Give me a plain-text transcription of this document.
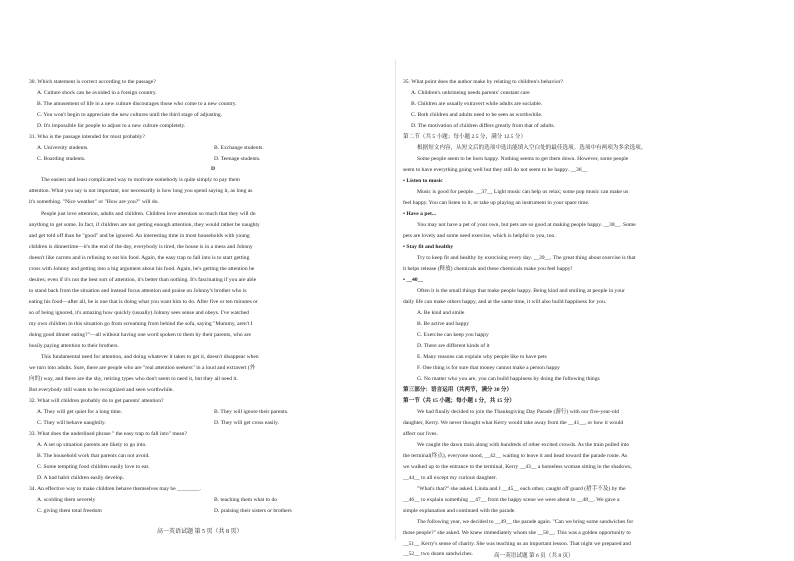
30. Which statement is correct according to the passage?
A. Culture shock can be avoided in a foreign country.
B. The amusement of life in a new culture discourages those who come to a new country.
C. You won't begin to appreciate the new cultures until the third stage of adjusting.
D. It's impossible for people to adjust to a new culture completely.
31. Who is the passage intended for most probably?
A. University students.	B. Exchange students.
C. Boarding students.	D. Teenage students.
D
The easiest and least complicated way to motivate somebody is quite simply to pay them
attention. What you say is not important, nor necessarily is how long you spend saying it, as long as
it's something. "Nice weather" or "How are you?" will do.
People just love attention, adults and children. Children love attention so much that they will do
anything to get some. In fact, if children are not getting enough attention, they would rather be naughty
and get told off than be "good" and be ignored. An interesting time in most households with young
children is dinnertime—it's the end of the day, everybody is tired, the house is in a mess and Johnny
doesn't like carrots and is refusing to eat his food. Again, the easy trap to fall into is to start getting
cross with Johnny and getting into a big argument about his food. Again, he's getting the attention he
desires; even if it's not the best sort of attention, it's better than nothing. It's fascinating if you are able
to stand back from the situation and instead focus attention and praise on Johnny's brother who is
eating his food—after all, he is one that is doing what you want him to do. After five or ten minutes or
so of being ignored, it's amazing how quickly (usually) Johnny sees sense and obeys. I've watched
my own children in this situation go from screaming from behind the sofa, saying "Mummy, aren't I
doing good dinner eating?"—all without having one word spoken to them by their parents, who are
busily paying attention to their brothers.
This fundamental need for attention, and doing whatever it takes to get it, doesn't disappear when
we turn into adults. Sure, there are people who are "real attention seekers" in a loud and extravert (外
向的) way, and there are the shy, retiring types who don't seem to need it, but they all need it.
But everybody still wants to be recognized and seen worthwhile.
32. What will children probably do to get parents' attention?
A. They will get quiet for a long time.	B. They will ignore their parents.
C. They will behave naughtily.	D. They will get cross easily.
33. What does the underlined phrase " the easy trap to fall into" mean?
A. A set up situation parents are likely to go into.
B. The household work that parents can not avoid.
C. Some tempting food children easily love to eat.
D. A bad habit children easily develop.
34. An effective way to make children behave themselves may be ________.
A. scolding them severely	B. teaching them what to do
C. giving them total freedom	D. praising their sisters or brothers
高一英语试题 第 5 页（共 8 页）
35. What point does the author make by relating to children's behavior?
A. Children's unbrineing needs parents' constant care
B. Children are usually extravert while adults are sociable.
C. Both children and adults need to be seen as worthwhile.
D. The motivation of children differs greatly from that of adults.
第二节（共 5 小题；每小题 2.5 分，满分 12.5 分）
根据短文内容，从短文后的选项中选出能填入空白处的最佳选项。选项中有两项为多余选项。
Some people seem to be born happy. Nothing seems to get them down. However, some people
seem to have everything going well but they still do not seem to be happy. __36__
• Listen to music
Music is good for people. __37__ Light music can help us relax; some pop music can make us
feel happy. You can listen to it, or take up playing an instrument in your spare time.
• Have a pet...
You may not have a pet of your own, but pets are so good at making people happy. __38__. Some
pets are lovely and some need exercise, which is helpful to you, too.
• Stay fit and healthy
Try to keep fit and healthy by exercising every day. __39__. The great thing about exercise is that
it helps release (释放) chemicals and these chemicals make you feel happy!
• __40__
Often it is the small things that make people happy. Being kind and smiling at people in your
daily life can make others happy, and at the same time, it will also build happiness for you.
A. Be kind and smile
B. Be active and happy
C. Exercise can keep you happy
D. There are different kinds of it
E. Many reasons can explain why people like to have pets
F. One thing is for sure that money cannot make a person happy
G. No matter who you are, you can build happiness by doing the following things
第三部分：语言运用（共两节，满分 30 分）
第一节（共 15 小题；每小题 1 分，共 15 分）
We had finally decided to join the Thanksgiving Day Parade (游行) with our five-year-old
daughter, Kerry. We never thought what Kerry would take away from the __41__, or how it would
affect our lives.
We caught the dawn train along with hundreds of other excited crowds. As the train pulled into
the terminal(终点), everyone stood, __42__ waiting to leave it and head toward the parade route. As
we walked up to the entrance to the terminal, Kerry __43__ a homeless woman sitting in the shadows,
__44__ to all except my curious daughter.
"What's that?" she asked. Linda and I __45__ each other, caught off guard (措手不及) by the
__46__ to explain something __47__ from the happy scene we were about to __48__. We gave a
simple explanation and continued with the parade.
The following year, we decided to __49__ the parade again. "Can we bring some sandwiches for
those people?" she asked. We knew immediately whom she __50__. This was a golden opportunity to
__51__ Kerry's sense of charity. She was teaching us an important lesson. That night we prepared and
__52__ two dozen sandwiches.	高一英语试题 第 6 页（共 8 页）
